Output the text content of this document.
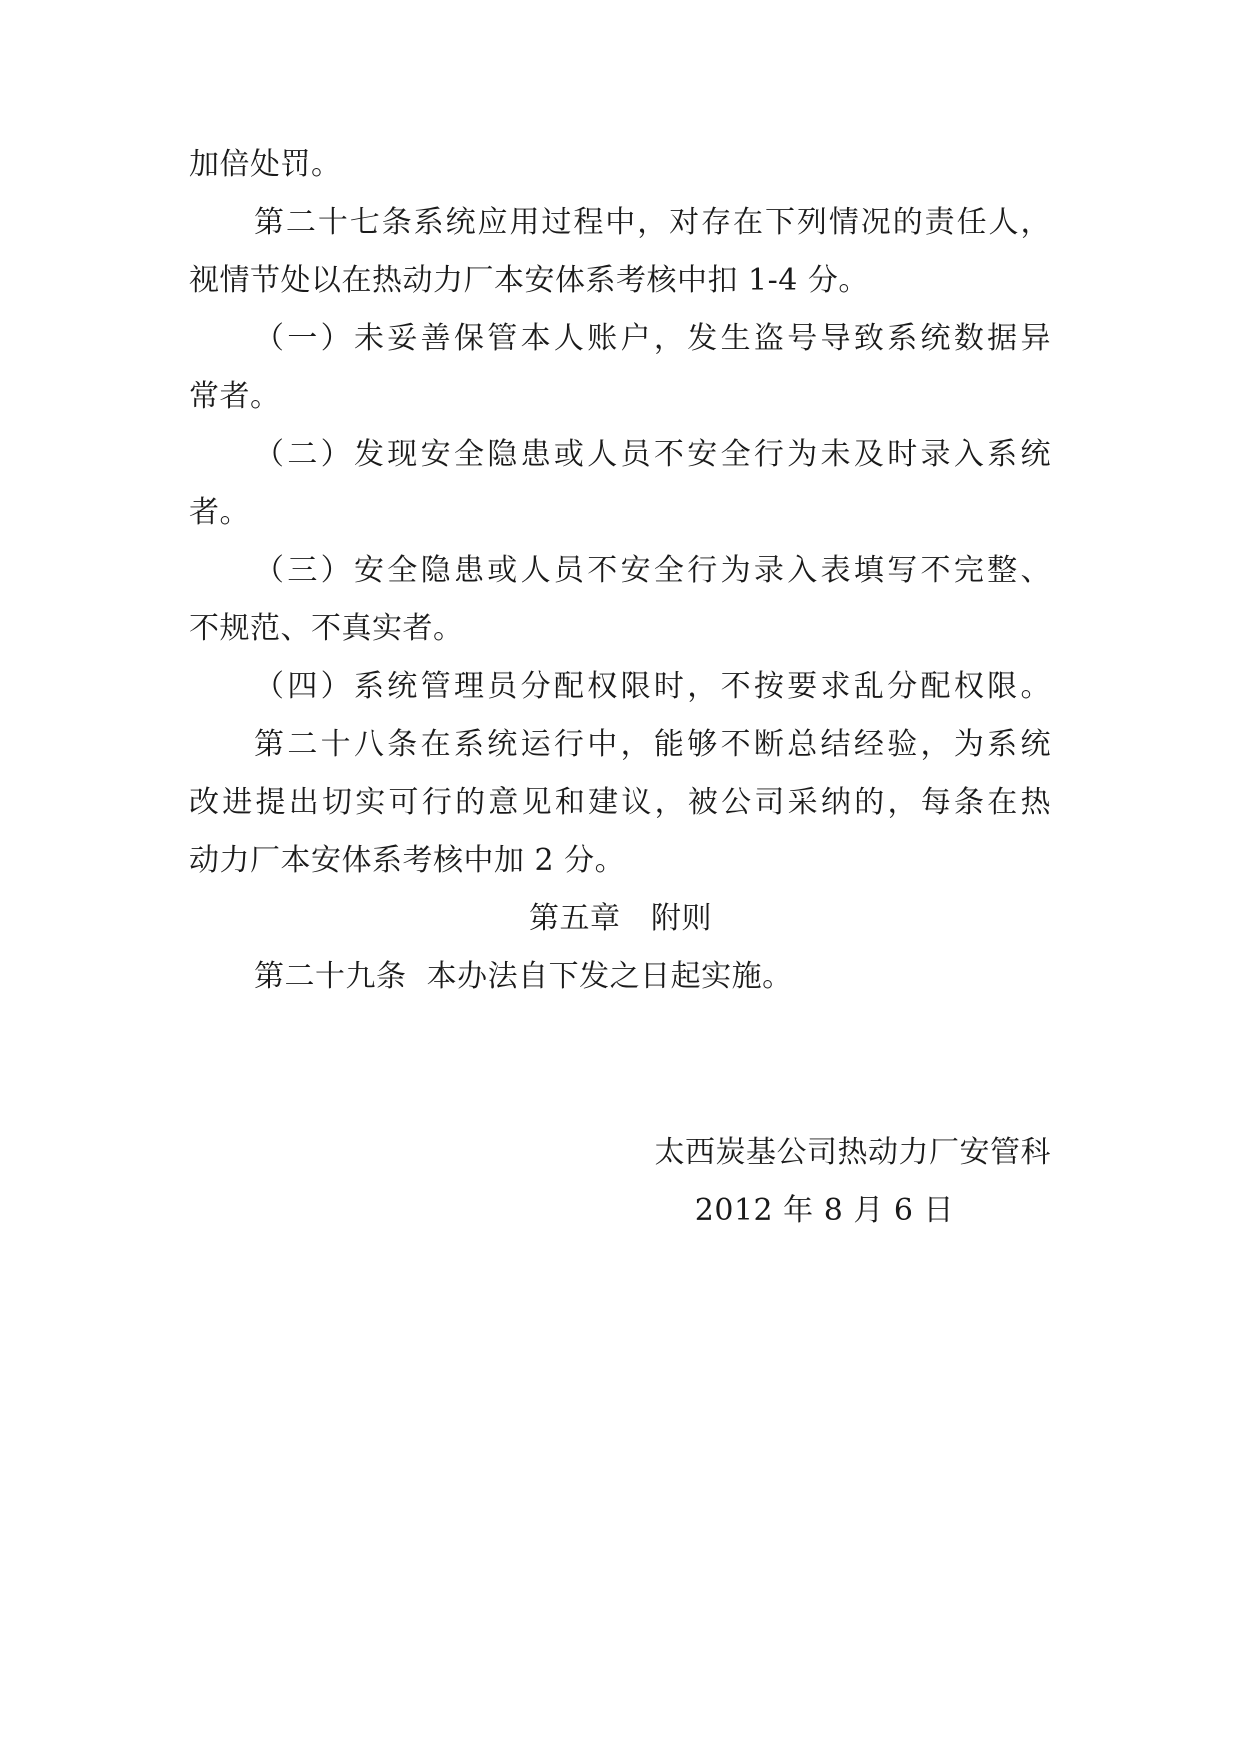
加倍处罚。
第二十七条系统应用过程中，对存在下列情况的责任人，
视情节处以在热动力厂本安体系考核中扣 1-4 分。
（一）未妥善保管本人账户，发生盗号导致系统数据异
常者。
（二）发现安全隐患或人员不安全行为未及时录入系统
者。
（三）安全隐患或人员不安全行为录入表填写不完整、
不规范、不真实者。
（四）系统管理员分配权限时，不按要求乱分配权限。
第二十八条在系统运行中，能够不断总结经验，为系统
改进提出切实可行的意见和建议，被公司采纳的，每条在热
动力厂本安体系考核中加 2 分。
第五章　附则
第二十九条  本办法自下发之日起实施。
太西炭基公司热动力厂安管科
2012 年 8 月 6 日
